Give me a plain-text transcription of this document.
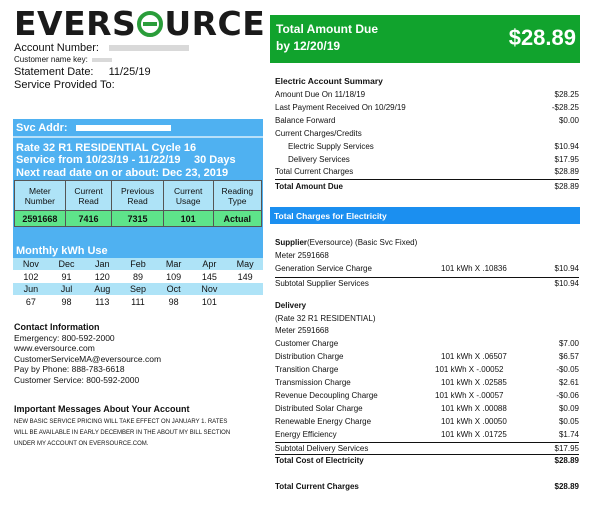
EVERS URCE
Account Number:
Customer name key:
Statement Date: 11/25/19
Service Provided To:
Svc Addr:
Rate 32 R1 RESIDENTIAL Cycle 16
Service from 10/23/19 - 11/22/19 30 Days
Next read date on or about: Dec 23, 2019
Meter Number	Current Read	Previous Read	Current Usage	Reading Type
2591668	7416	7315	101	Actual
Monthly kWh Use
Nov	Dec	Jan	Feb	Mar	Apr	May
102	91	120	89	109	145	149
Jun	Jul	Aug	Sep	Oct	Nov	
67	98	113	111	98	101	
Contact Information
Emergency: 800-592-2000
www.eversource.com
CustomerServiceMA@eversource.com
Pay by Phone: 888-783-6618
Customer Service: 800-592-2000
Important Messages About Your Account
NEW BASIC SERVICE PRICING WILL TAKE EFFECT ON JANUARY 1. RATES
WILL BE AVAILABLE IN EARLY DECEMBER IN THE ABOUT MY BILL SECTION
UNDER MY ACCOUNT ON EVERSOURCE.COM.
Total Amount Due
by 12/20/19	$28.89
Electric Account Summary
Amount Due On 11/18/19	$28.25
Last Payment Received On 10/29/19	-$28.25
Balance Forward	$0.00
Current Charges/Credits
Electric Supply Services	$10.94
Delivery Services	$17.95
Total Current Charges	$28.89
Total Amount Due	$28.89
Total Charges for Electricity
Supplier(Eversource) (Basic Svc Fixed)
Meter 2591668
Generation Service Charge	101 kWh X .10836	$10.94
Subtotal Supplier Services	$10.94
Delivery
(Rate 32 R1 RESIDENTIAL)
Meter 2591668
Customer Charge	$7.00
Distribution Charge	101 kWh X .06507	$6.57
Transition Charge	101 kWh X -.00052	-$0.05
Transmission Charge	101 kWh X .02585	$2.61
Revenue Decoupling Charge	101 kWh X -.00057	-$0.06
Distributed Solar Charge	101 kWh X .00088	$0.09
Renewable Energy Charge	101 kWh X .00050	$0.05
Energy Efficiency	101 kWh X .01725	$1.74
Subtotal Delivery Services	$17.95
Total Cost of Electricity	$28.89
Total Current Charges	$28.89
